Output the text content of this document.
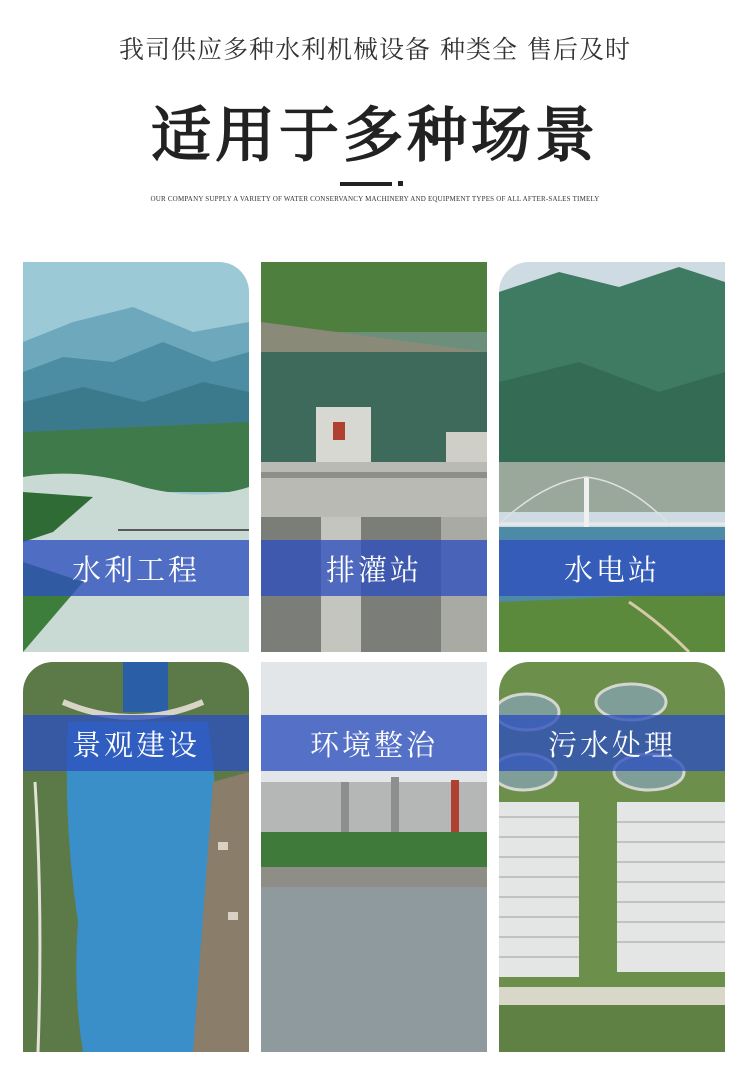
我司供应多种水利机械设备 种类全 售后及时
适用于多种场景
OUR COMPANY SUPPLY A VARIETY OF WATER CONSERVANCY MACHINERY AND EQUIPMENT TYPES OF ALL AFTER-SALES TIMELY
水利工程	排灌站	水电站
景观建设	环境整治	污水处理
